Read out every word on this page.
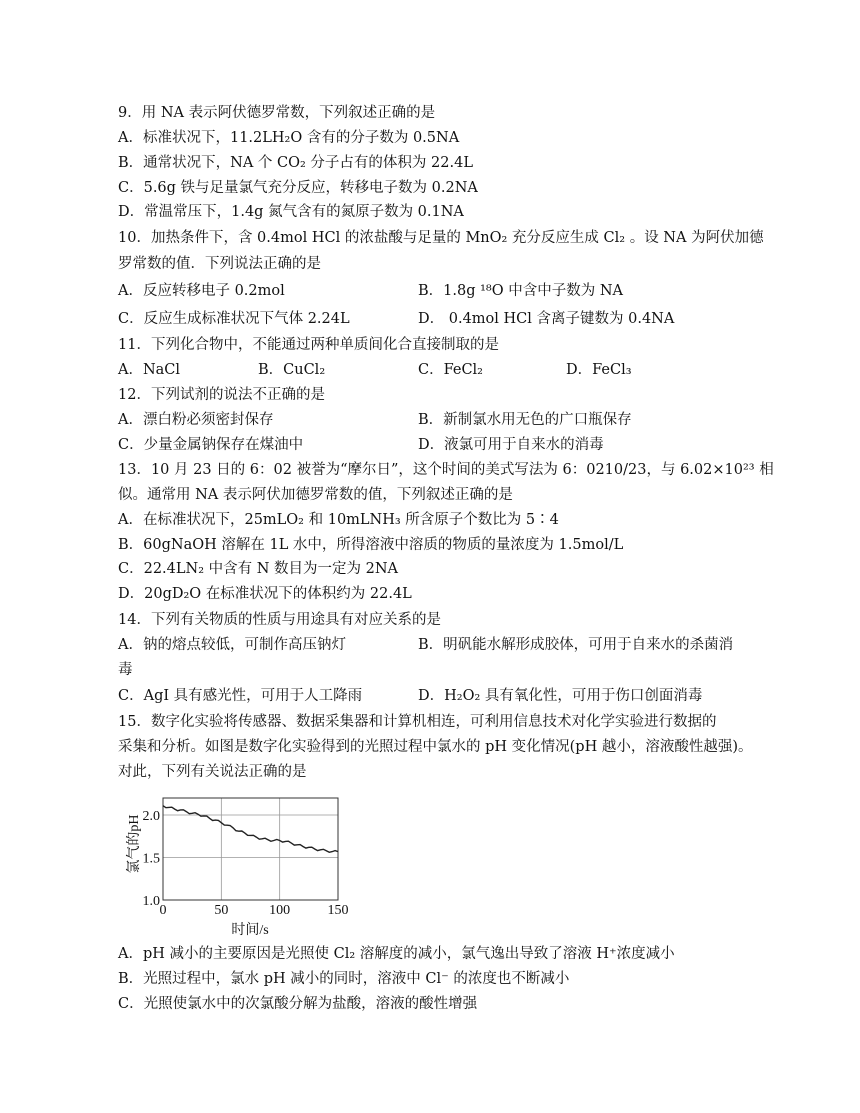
9．用 NA 表示阿伏德罗常数，下列叙述正确的是
A．标准状况下，11.2LH₂O 含有的分子数为 0.5NA
B．通常状况下，NA 个 CO₂ 分子占有的体积为 22.4L
C．5.6g 铁与足量氯气充分反应，转移电子数为 0.2NA
D．常温常压下，1.4g 氮气含有的氮原子数为 0.1NA
10．加热条件下，含 0.4mol HCl 的浓盐酸与足量的 MnO₂ 充分反应生成 Cl₂ 。设 NA 为阿伏加德
罗常数的值．下列说法正确的是
A．反应转移电子 0.2mol	B．1.8g ¹⁸O 中含中子数为 NA
C．反应生成标准状况下气体 2.24L	D． 0.4mol HCl 含离子键数为 0.4NA
11．下列化合物中，不能通过两种单质间化合直接制取的是
A．NaCl	B．CuCl₂	C．FeCl₂	D．FeCl₃
12．下列试剂的说法不正确的是
A．漂白粉必须密封保存	B．新制氯水用无色的广口瓶保存
C．少量金属钠保存在煤油中	D．液氯可用于自来水的消毒
13．10 月 23 日的 6：02 被誉为“摩尔日”，这个时间的美式写法为 6：0210/23，与 6.02×10²³ 相
似。通常用 NA 表示阿伏加德罗常数的值，下列叙述正确的是
A．在标准状况下，25mLO₂ 和 10mLNH₃ 所含原子个数比为 5∶4
B．60gNaOH 溶解在 1L 水中，所得溶液中溶质的物质的量浓度为 1.5mol/L
C．22.4LN₂ 中含有 N 数目为一定为 2NA
D．20gD₂O 在标准状况下的体积约为 22.4L
14．下列有关物质的性质与用途具有对应关系的是
A．钠的熔点较低，可制作高压钠灯	B．明矾能水解形成胶体，可用于自来水的杀菌消
毒
C．AgI 具有感光性，可用于人工降雨	D．H₂O₂ 具有氧化性，可用于伤口创面消毒
15．数字化实验将传感器、数据采集器和计算机相连，可利用信息技术对化学实验进行数据的
采集和分析。如图是数字化实验得到的光照过程中氯水的 pH 变化情况(pH 越小，溶液酸性越强)。
对此，下列有关说法正确的是
0	50	100	150
1.0
1.5
2.0
氯气的pH
时间/s
A．pH 减小的主要原因是光照使 Cl₂ 溶解度的减小，氯气逸出导致了溶液 H⁺浓度减小
B．光照过程中，氯水 pH 减小的同时，溶液中 Cl⁻ 的浓度也不断减小
C．光照使氯水中的次氯酸分解为盐酸，溶液的酸性增强
